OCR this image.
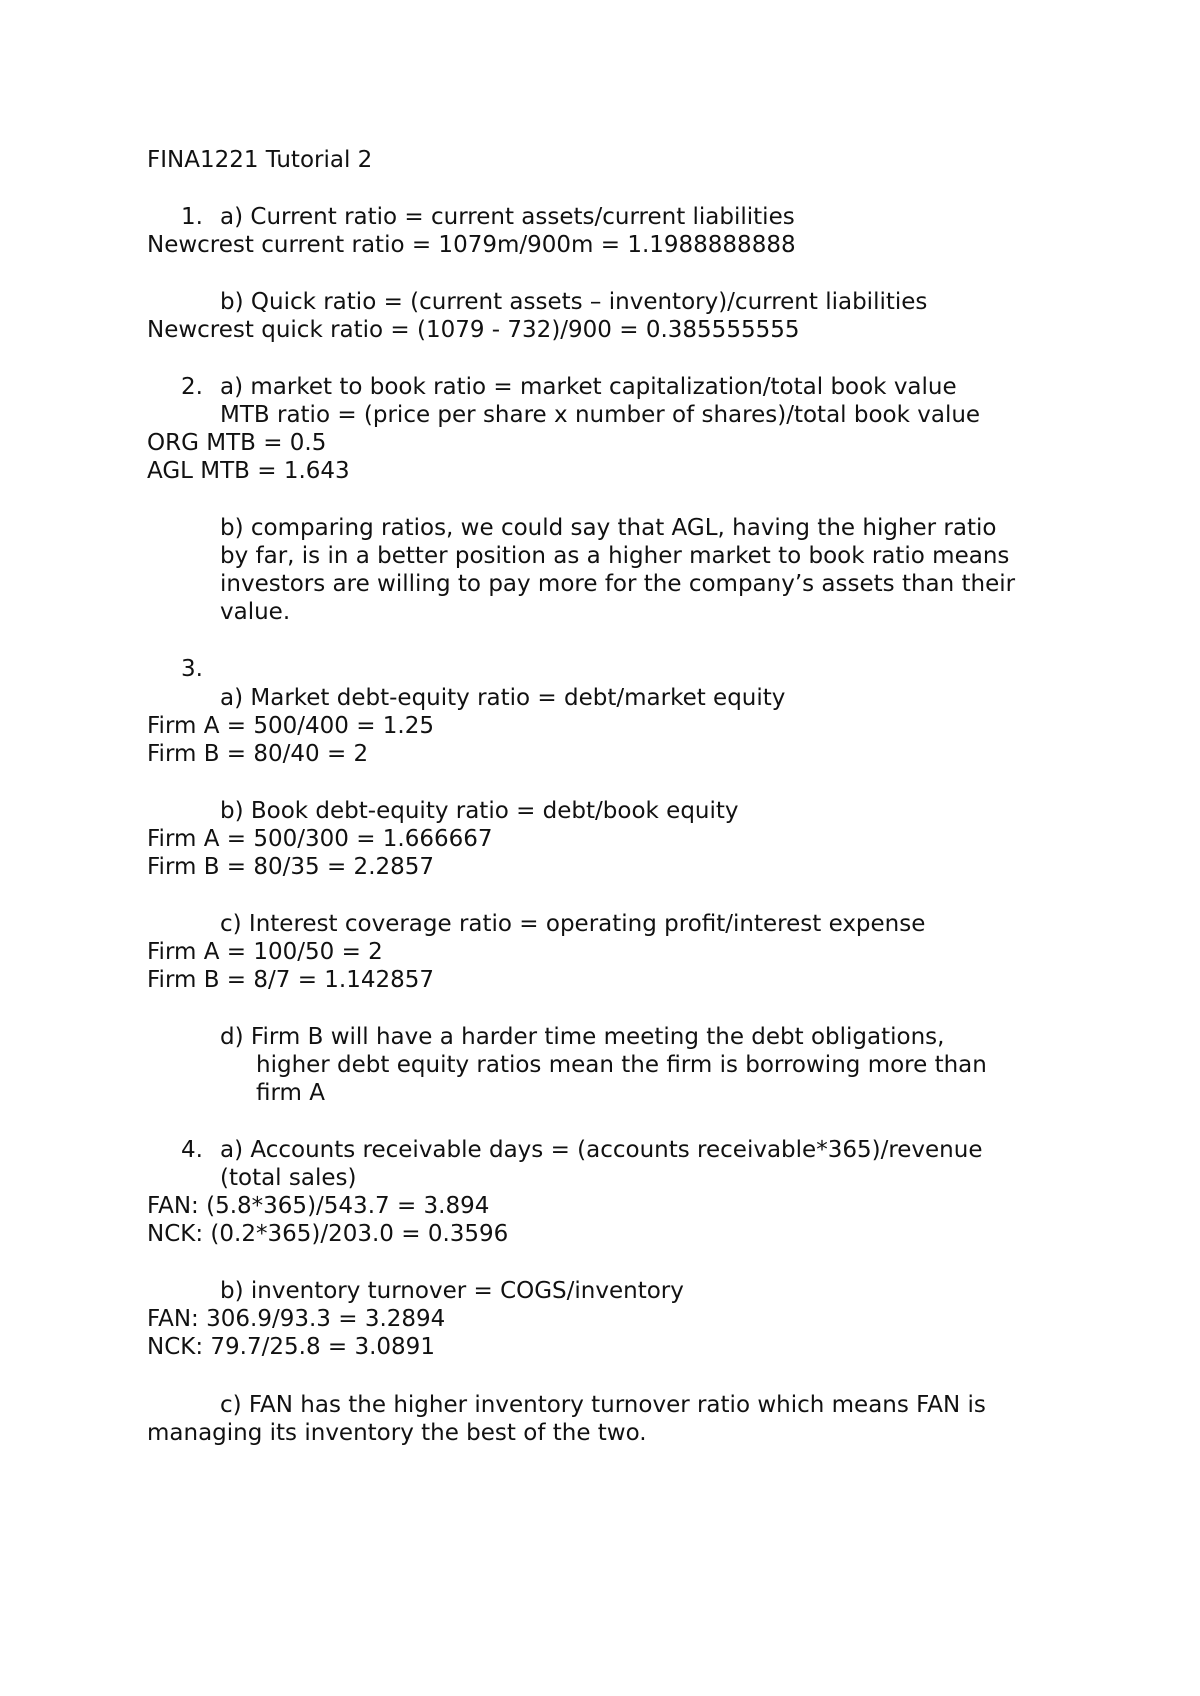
FINA1221 Tutorial 2
1. a) Current ratio = current assets/current liabilities
Newcrest current ratio = 1079m/900m = 1.1988888888
b) Quick ratio = (current assets – inventory)/current liabilities
Newcrest quick ratio = (1079 - 732)/900 = 0.385555555
2. a) market to book ratio = market capitalization/total book value
MTB ratio = (price per share x number of shares)/total book value
ORG MTB = 0.5
AGL MTB = 1.643
b) comparing ratios, we could say that AGL, having the higher ratio
by far, is in a better position as a higher market to book ratio means
investors are willing to pay more for the company’s assets than their
value.
3.
a) Market debt-equity ratio = debt/market equity
Firm A = 500/400 = 1.25
Firm B = 80/40 = 2
b) Book debt-equity ratio = debt/book equity
Firm A = 500/300 = 1.666667
Firm B = 80/35 = 2.2857
c) Interest coverage ratio = operating profit/interest expense
Firm A = 100/50 = 2
Firm B = 8/7 = 1.142857
d) Firm B will have a harder time meeting the debt obligations,
higher debt equity ratios mean the firm is borrowing more than
firm A
4. a) Accounts receivable days = (accounts receivable*365)/revenue
(total sales)
FAN: (5.8*365)/543.7 = 3.894
NCK: (0.2*365)/203.0 = 0.3596
b) inventory turnover = COGS/inventory
FAN: 306.9/93.3 = 3.2894
NCK: 79.7/25.8 = 3.0891
c) FAN has the higher inventory turnover ratio which means FAN is
managing its inventory the best of the two.
